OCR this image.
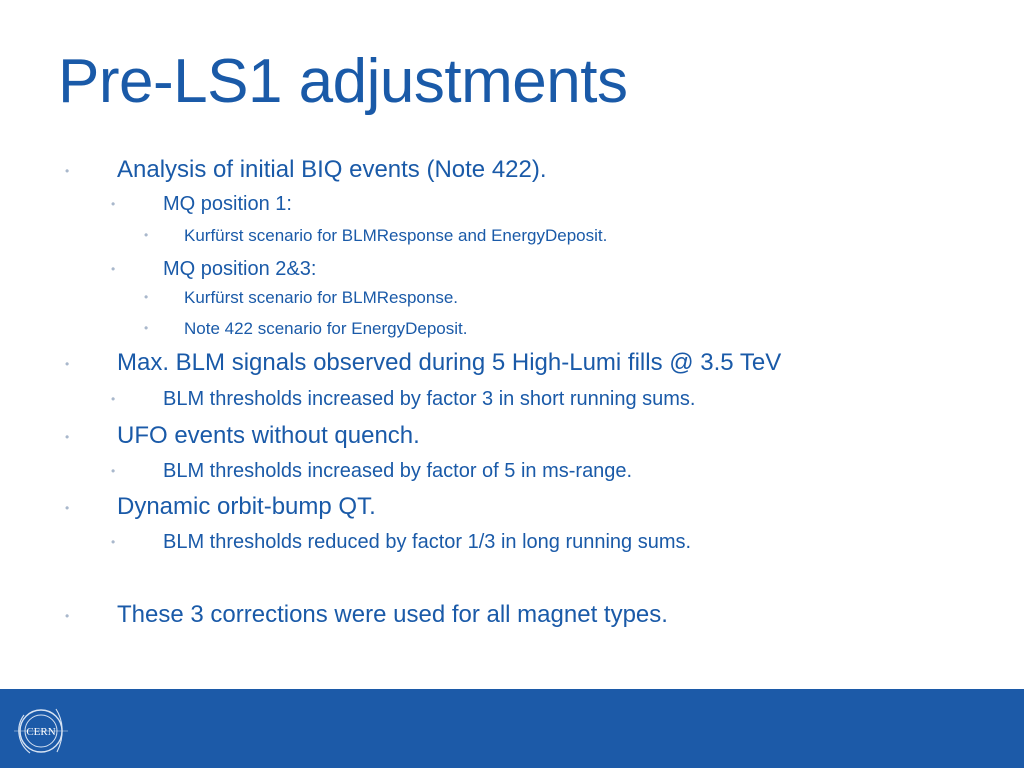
Pre-LS1 adjustments
• Analysis of initial BIQ events (Note 422).
• MQ position 1:
• Kurfürst scenario for BLMResponse and EnergyDeposit.
• MQ position 2&3:
• Kurfürst scenario for BLMResponse.
• Note 422 scenario for EnergyDeposit.
• Max. BLM signals observed during 5 High-Lumi fills @ 3.5 TeV
• BLM thresholds increased by factor 3 in short running sums.
• UFO events without quench.
• BLM thresholds increased by factor of 5 in ms-range.
• Dynamic orbit-bump QT.
• BLM thresholds reduced by factor 1/3 in long running sums.
• These 3 corrections were used for all magnet types.
CERN
